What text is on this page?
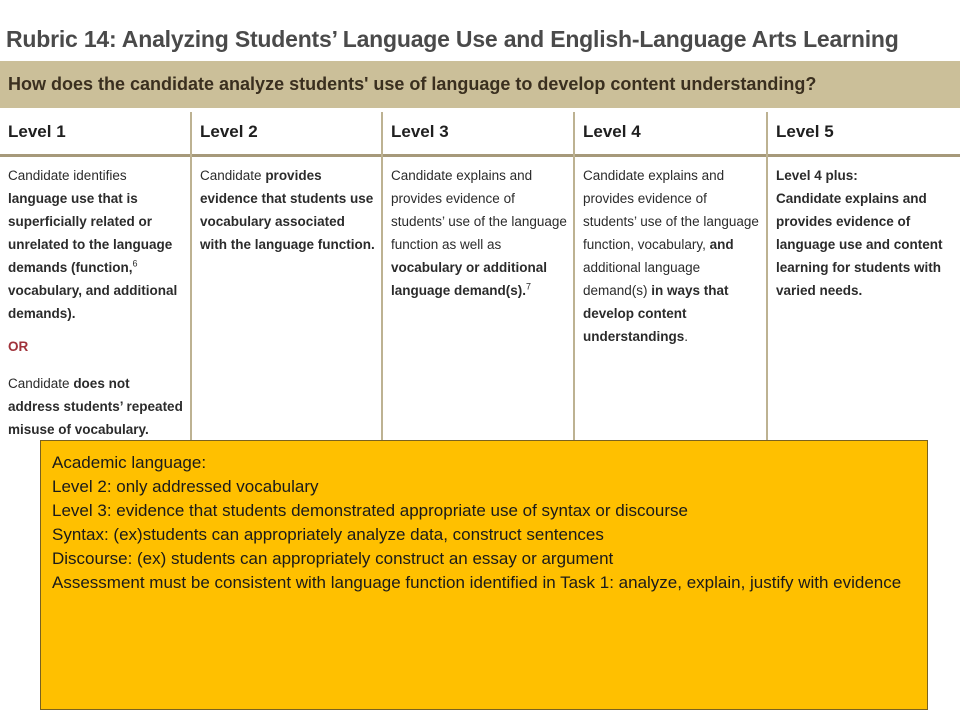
Rubric 14: Analyzing Students’ Language Use and English-Language Arts Learning
How does the candidate analyze students' use of language to develop content understanding?
Level 1

Candidate identifies language use that is superficially related or unrelated to the language demands (function,$^6$ vocabulary, and additional demands).

OR

Candidate does not address students’ repeated misuse of vocabulary.

Level 2

Candidate provides evidence that students use vocabulary associated with the language function.

Level 3

Candidate explains and provides evidence of students’ use of the language function as well as vocabulary or additional language demand(s).$^7$

Level 4

Candidate explains and provides evidence of students’ use of the language function, vocabulary, and additional language demand(s) in ways that develop content understandings.

Level 5

Level 4 plus:
Candidate explains and provides evidence of language use and content learning for students with varied needs.

Academic language:
Level 2: only addressed vocabulary
Level 3: evidence that students demonstrated appropriate use of syntax or discourse
Syntax: (ex)students can appropriately analyze data, construct sentences
Discourse: (ex) students can appropriately construct an essay or argument
Assessment must be consistent with language function identified in Task 1: analyze, explain, justify with evidence
